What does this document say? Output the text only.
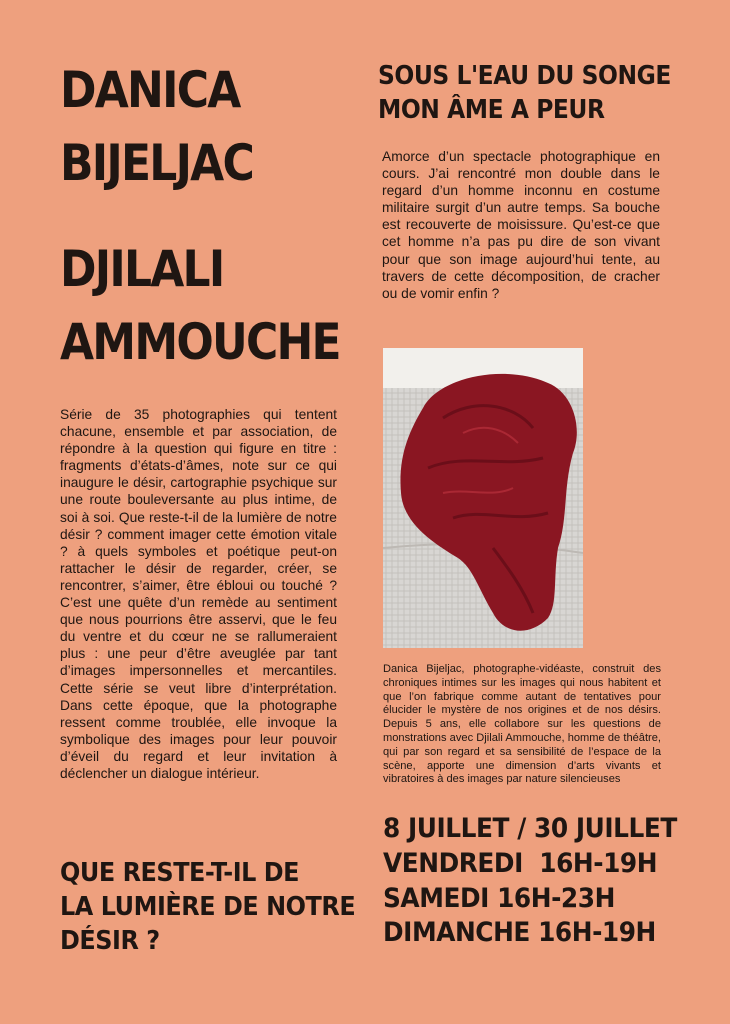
DANICA
BIJELJAC
DJILALI
AMMOUCHE
SOUS L'EAU DU SONGE
MON ÂME A PEUR

Amorce d’un spectacle photographique en cours. J’ai rencontré mon double dans le regard d’un homme inconnu en costume militaire surgit d’un autre temps. Sa bouche est recouverte de moisissure. Qu’est-ce que cet homme n’a pas pu dire de son vivant pour que son image aujourd’hui tente, au travers de cette décomposition, de cracher ou de vomir enfin ?

Série de 35 photographies qui tentent chacune, ensemble et par association, de répondre à la question qui figure en titre : fragments d’états-d’âmes, note sur ce qui inaugure le désir, cartographie psychique sur une route bouleversante au plus intime, de soi à soi. Que reste-t-il de la lumière de notre désir ? comment imager cette émotion vitale ? à quels symboles et poétique peut-on rattacher le désir de regarder, créer, se rencontrer, s’aimer, être ébloui ou touché ? C’est une quête d’un remède au sentiment que nous pourrions être asservi, que le feu du ventre et du cœur ne se rallumeraient plus : une peur d’être aveuglée par tant d’images impersonnelles et mercantiles. Cette série se veut libre d’interprétation. Dans cette époque, que la photographe ressent comme troublée, elle invoque la symbolique des images pour leur pouvoir d’éveil du regard et leur invitation à déclencher un dialogue intérieur.

Danica Bijeljac, photographe-vidéaste, construit des chroniques intimes sur les images qui nous habitent et que l’on fabrique comme autant de tentatives pour élucider le mystère de nos origines et de nos désirs. Depuis 5 ans, elle collabore sur les questions de monstrations avec Djilali Ammouche, homme de théâtre, qui par son regard et sa sensibilité de l’espace de la scène, apporte une dimension d’arts vivants et vibratoires à des images par nature silencieuses

QUE RESTE-T-IL DE
LA LUMIÈRE DE NOTRE
DÉSIR ?
8 JUILLET / 30 JUILLET
VENDREDI  16H-19H
SAMEDI 16H-23H
DIMANCHE 16H-19H
